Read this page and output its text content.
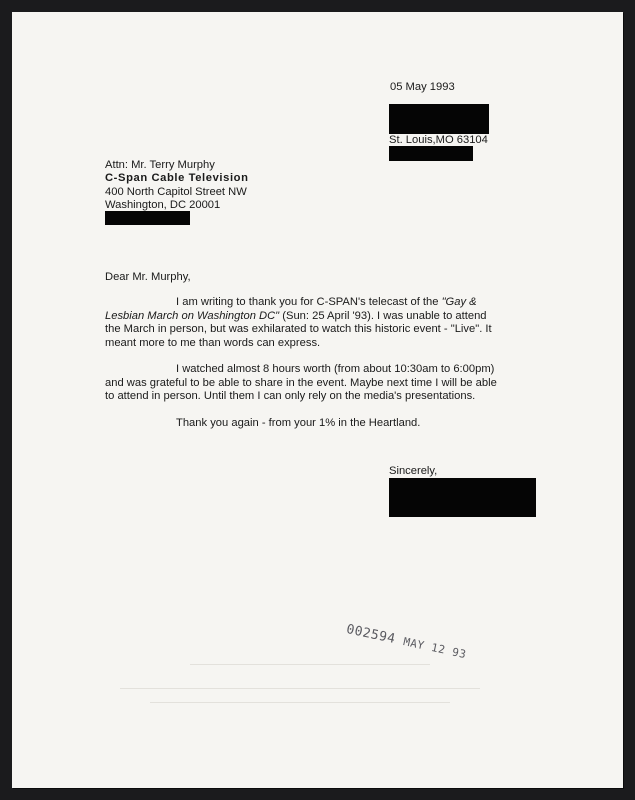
05 May 1993
St. Louis,MO 63104
Attn: Mr. Terry Murphy
C-Span Cable Television
400 North Capitol Street NW
Washington, DC 20001
Dear Mr. Murphy,
I am writing to thank you for C-SPAN's telecast of the "Gay &
Lesbian March on Washington DC" (Sun: 25 April '93). I was unable to attend
the March in person, but was exhilarated to watch this historic event - "Live". It
meant more to me than words can express.
I watched almost 8 hours worth (from about 10:30am to 6:00pm)
and was grateful to be able to share in the event. Maybe next time I will be able
to attend in person. Until them I can only rely on the media's presentations.
Thank you again - from your 1% in the Heartland.
Sincerely,
002594 MAY 12 93
